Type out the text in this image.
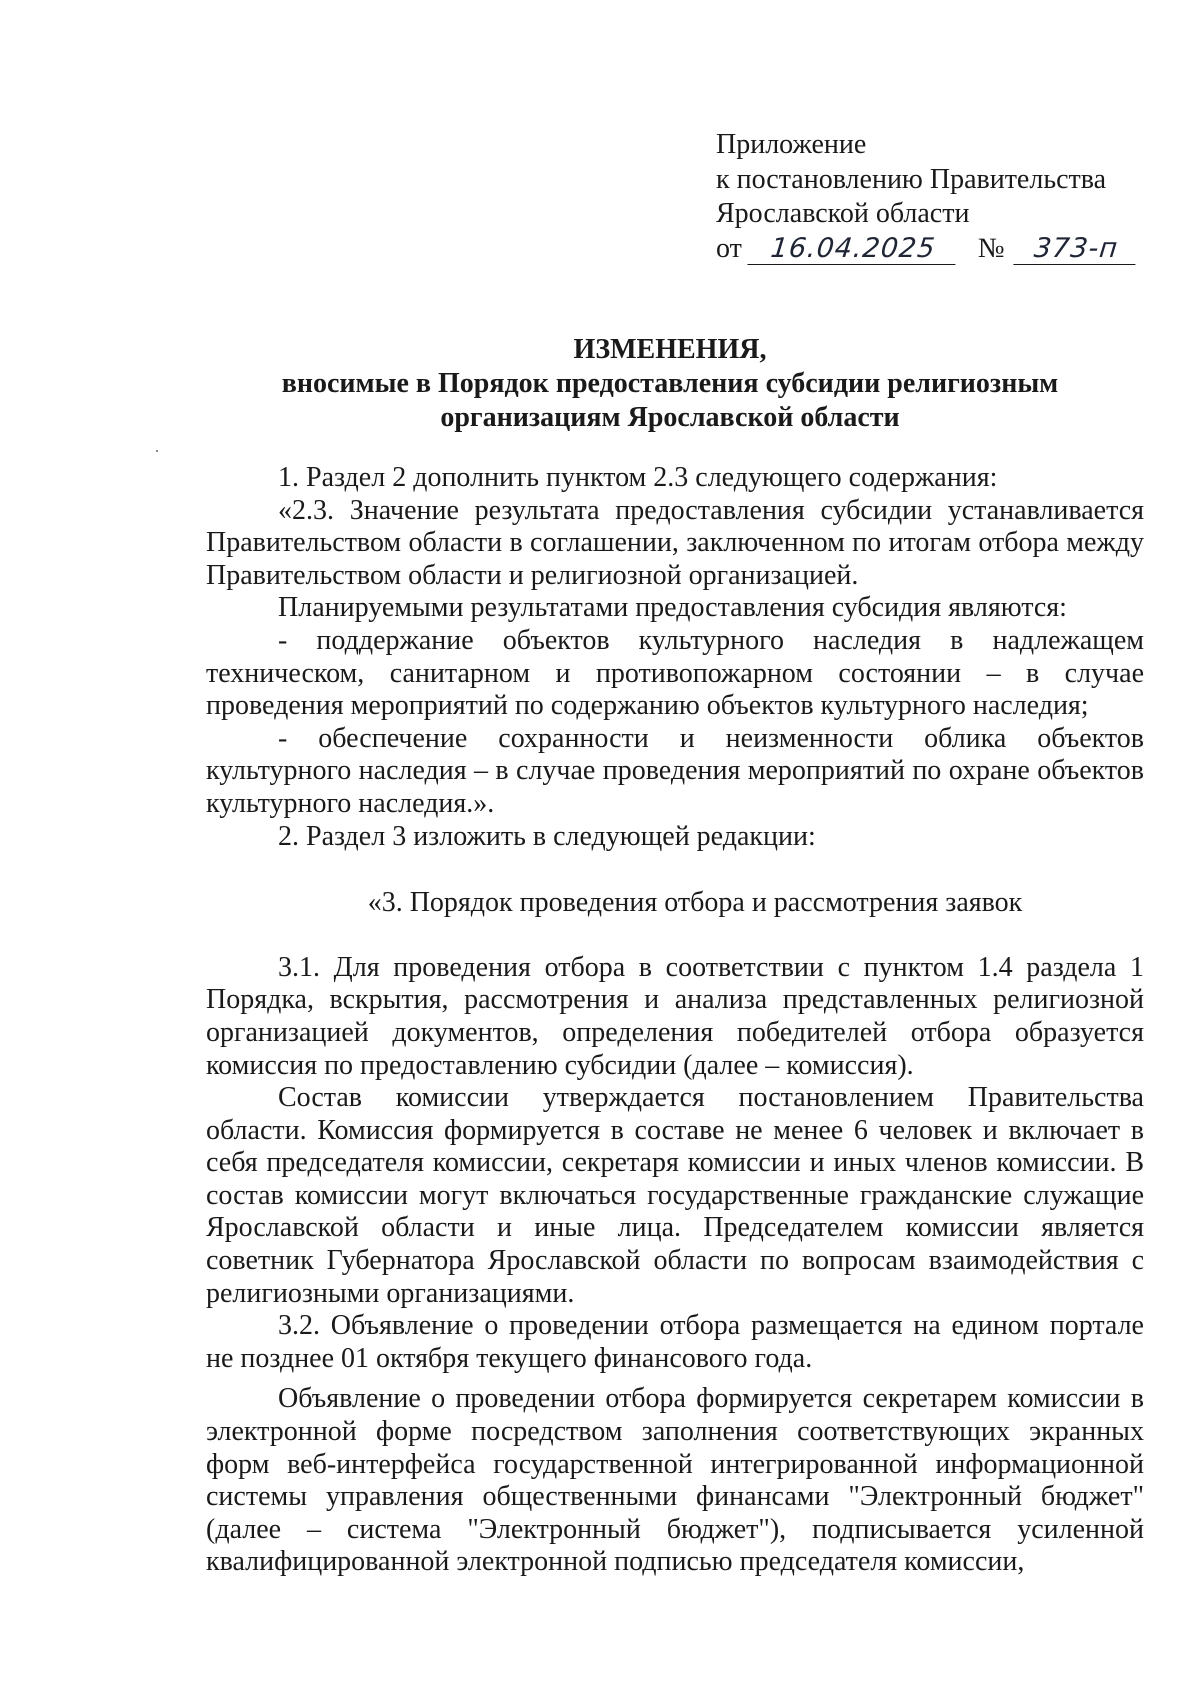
Приложение
к постановлению Правительства
Ярославской области
от 16.04.2025 № 373-п
ИЗМЕНЕНИЯ,
вносимые в Порядок предоставления субсидии религиозным
организациям Ярославской области

1. Раздел 2 дополнить пунктом 2.3 следующего содержания:

«2.3. Значение результата предоставления субсидии устанавливается Правительством области в соглашении, заключенном по итогам отбора между Правительством области и религиозной организацией.

Планируемыми результатами предоставления субсидия являются:

- поддержание объектов культурного наследия в надлежащем техническом, санитарном и противопожарном состоянии – в случае проведения мероприятий по содержанию объектов культурного наследия;

- обеспечение сохранности и неизменности облика объектов культурного наследия – в случае проведения мероприятий по охране объектов культурного наследия.».

2. Раздел 3 изложить в следующей редакции:

«3. Порядок проведения отбора и рассмотрения заявок

3.1. Для проведения отбора в соответствии с пунктом 1.4 раздела 1 Порядка, вскрытия, рассмотрения и анализа представленных религиозной организацией документов, определения победителей отбора образуется комиссия по предоставлению субсидии (далее – комиссия).

Состав комиссии утверждается постановлением Правительства области. Комиссия формируется в составе не менее 6 человек и включает в себя председателя комиссии, секретаря комиссии и иных членов комиссии. В состав комиссии могут включаться государственные гражданские служащие Ярославской области и иные лица. Председателем комиссии является советник Губернатора Ярославской области по вопросам взаимодействия с религиозными организациями.

3.2. Объявление о проведении отбора размещается на едином портале не позднее 01 октября текущего финансового года.

Объявление о проведении отбора формируется секретарем комиссии в электронной форме посредством заполнения соответствующих экранных форм веб-интерфейса государственной интегрированной информационной системы управления общественными финансами "Электронный бюджет" (далее – система "Электронный бюджет"), подписывается усиленной квалифицированной электронной подписью председателя комиссии,
